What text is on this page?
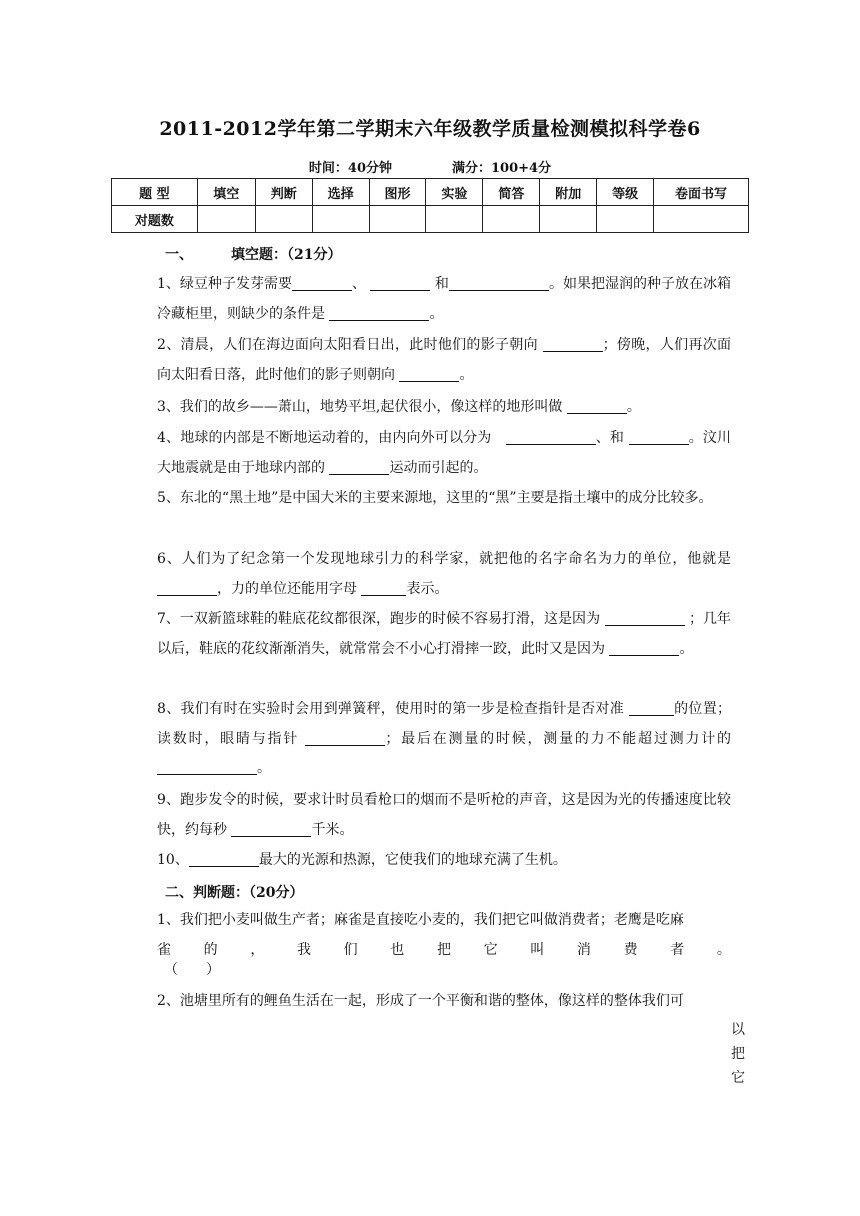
2011-2012学年第二学期末六年级教学质量检测模拟科学卷6
时间：40分钟	满分：100+4分
题 型	填空	判断	选择	图形	实验	简答	附加	等级	卷面书写
对题数									
一、	填空题：（21分）
1、绿豆种子发芽需要	、	和	。如果把湿润的种子放在冰箱冷藏柜里，则缺少的条件是	。
2、清晨，人们在海边面向太阳看日出，此时他们的影子朝向	；傍晚，人们再次面向太阳看日落，此时他们的影子则朝向	。
3、我们的故乡——萧山，地势平坦,起伏很小，像这样的地形叫做	。
4、地球的内部是不断地运动着的，由内向外可以分为　	、和	。汶川大地震就是由于地球内部的	运动而引起的。
5、东北的“黑土地”是中国大米的主要来源地，这里的“黑”主要是指土壤中的成分比较多。
6、人们为了纪念第一个发现地球引力的科学家，就把他的名字命名为力的单位，他就是 ，力的单位还能用字母	表示。
7、一双新篮球鞋的鞋底花纹都很深，跑步的时候不容易打滑，这是因为	；几年以后，鞋底的花纹渐渐消失，就常常会不小心打滑摔一跤，此时又是因为	。
8、我们有时在实验时会用到弹簧秤，使用时的第一步是检查指针是否对准	的位置；读数时，眼睛与指针	；最后在测量的时候，测量的力不能超过测力计的 。
9、跑步发令的时候，要求计时员看枪口的烟而不是听枪的声音，这是因为光的传播速度比较快，约每秒	千米。
10、	最大的光源和热源，它使我们的地球充满了生机。
二、判断题：（20分）
1、我们把小麦叫做生产者；麻雀是直接吃小麦的，我们把它叫做消费者；老鹰是吃麻
雀 的 ， 我 们 也 把 它 叫 消 费 者 。
（　　）
2、池塘里所有的鲤鱼生活在一起，形成了一个平衡和谐的整体，像这样的整体我们可
以
把
它
